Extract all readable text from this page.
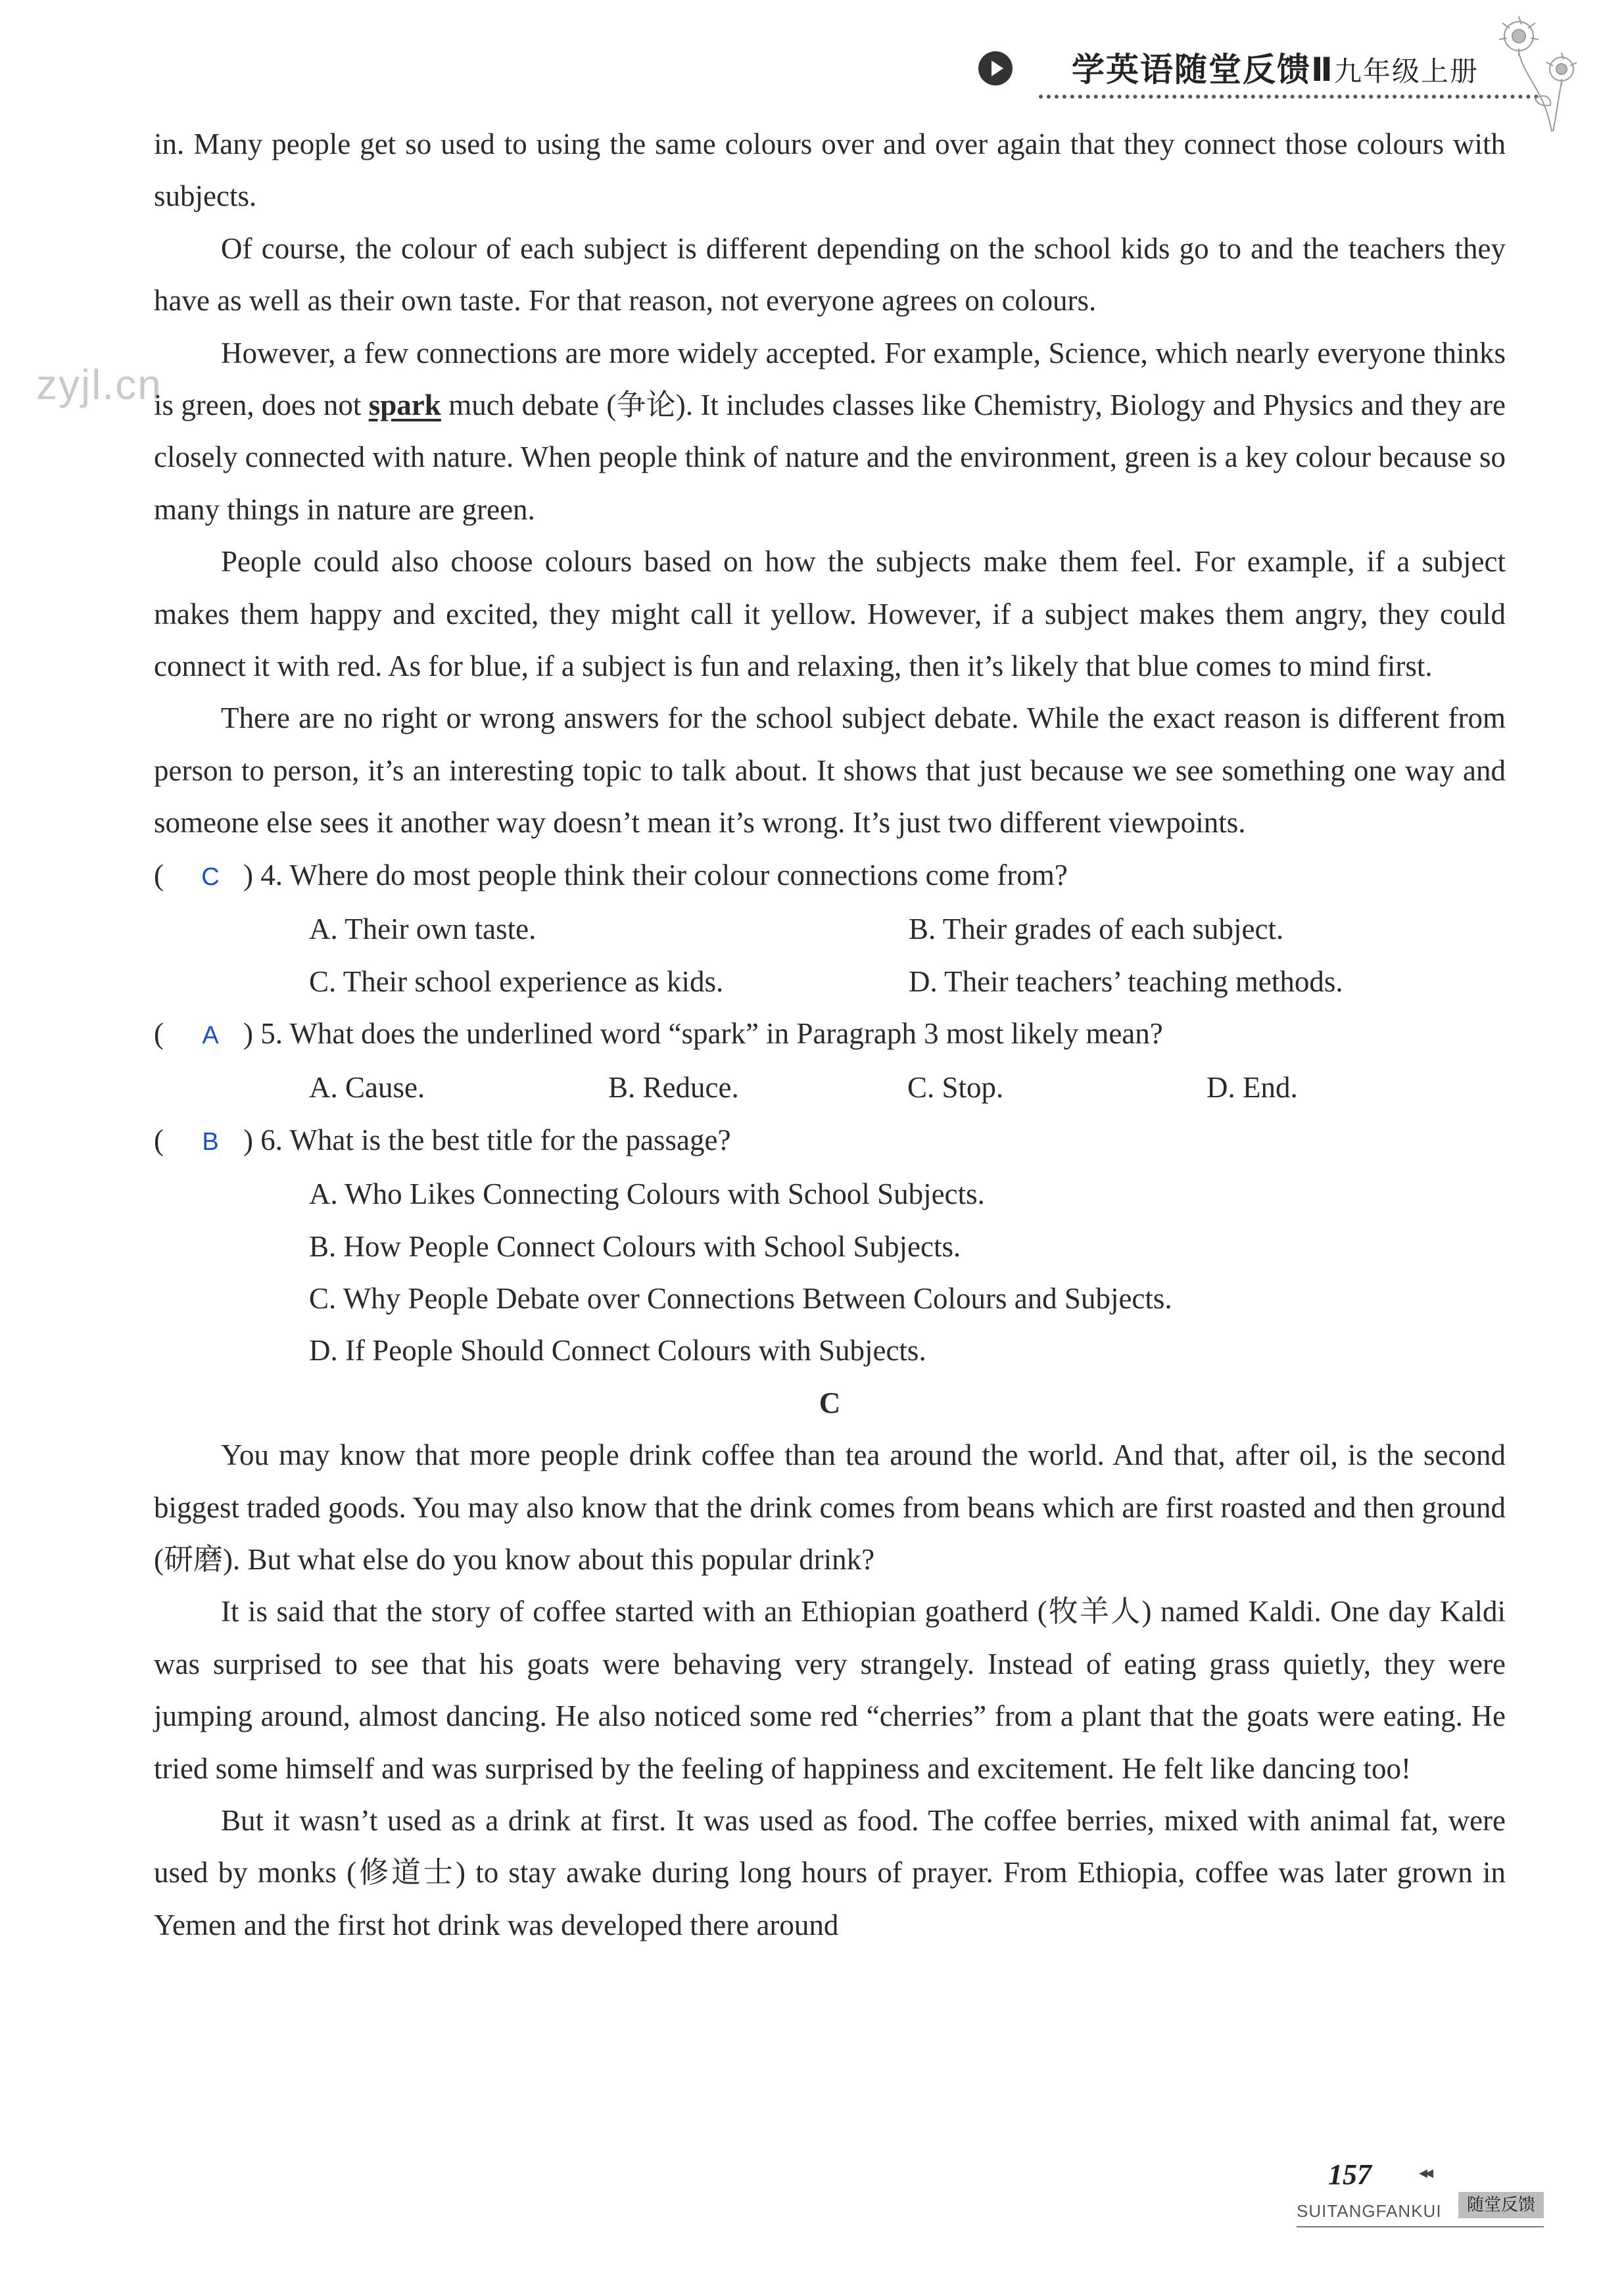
学英语随堂反馈Ⅱ九年级上册
zyjl.cn

in. Many people get so used to using the same colours over and over again that they connect those colours with subjects.

Of course, the colour of each subject is different depending on the school kids go to and the teachers they have as well as their own taste. For that reason, not everyone agrees on colours.

However, a few connections are more widely accepted. For example, Science, which nearly everyone thinks is green, does not spark much debate (争论). It includes classes like Chemistry, Biology and Physics and they are closely connected with nature. When people think of nature and the environment, green is a key colour because so many things in nature are green.

People could also choose colours based on how the subjects make them feel. For example, if a subject makes them happy and excited, they might call it yellow. However, if a subject makes them angry, they could connect it with red. As for blue, if a subject is fun and relaxing, then it’s likely that blue comes to mind first.

There are no right or wrong answers for the school subject debate. While the exact reason is different from person to person, it’s an interesting topic to talk about. It shows that just because we see something one way and someone else sees it another way doesn’t mean it’s wrong. It’s just two different viewpoints.

( C ) 4. Where do most people think their colour connections come from?

A. Their own taste.	B. Their grades of each subject.
C. Their school experience as kids.	D. Their teachers’ teaching methods.

( A ) 5. What does the underlined word “spark” in Paragraph 3 most likely mean?

A. Cause.	B. Reduce.	C. Stop.	D. End.

( B ) 6. What is the best title for the passage?

A. Who Likes Connecting Colours with School Subjects.

B. How People Connect Colours with School Subjects.

C. Why People Debate over Connections Between Colours and Subjects.

D. If People Should Connect Colours with Subjects.

C

You may know that more people drink coffee than tea around the world. And that, after oil, is the second biggest traded goods. You may also know that the drink comes from beans which are first roasted and then ground (研磨). But what else do you know about this popular drink?

It is said that the story of coffee started with an Ethiopian goatherd (牧羊人) named Kaldi. One day Kaldi was surprised to see that his goats were behaving very strangely. Instead of eating grass quietly, they were jumping around, almost dancing. He also noticed some red “cherries” from a plant that the goats were eating. He tried some himself and was surprised by the feeling of happiness and excitement. He felt like dancing too!

But it wasn’t used as a drink at first. It was used as food. The coffee berries, mixed with animal fat, were used by monks (修道士) to stay awake during long hours of prayer. From Ethiopia, coffee was later grown in Yemen and the first hot drink was developed there around

157	◂◂
SUITANGFANKUI	随堂反馈
